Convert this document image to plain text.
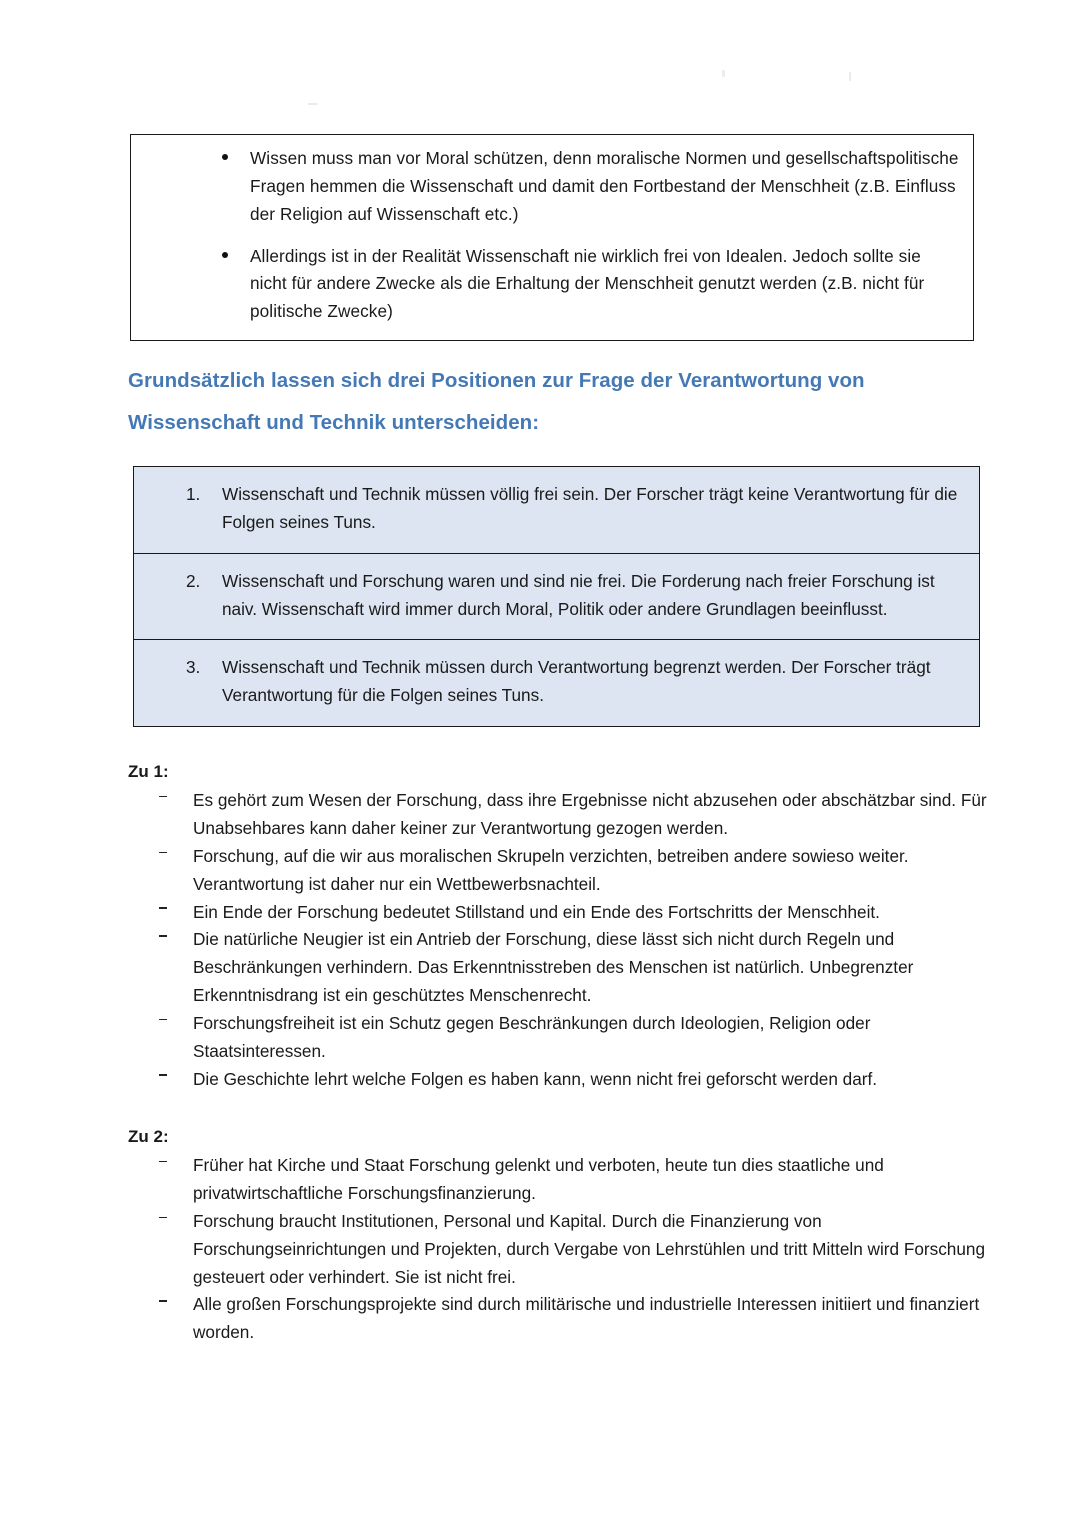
Wissen muss man vor Moral schützen, denn moralische Normen und gesellschaftspolitische Fragen hemmen die Wissenschaft und damit den Fortbestand der Menschheit (z.B. Einfluss der Religion auf Wissenschaft etc.)
Allerdings ist in der Realität Wissenschaft nie wirklich frei von Idealen. Jedoch sollte sie nicht für andere Zwecke als die Erhaltung der Menschheit genutzt werden (z.B. nicht für politische Zwecke)
Grundsätzlich lassen sich drei Positionen zur Frage der Verantwortung von
Wissenschaft und Technik unterscheiden:
1. Wissenschaft und Technik müssen völlig frei sein. Der Forscher trägt keine Verantwortung für die Folgen seines Tuns.
2. Wissenschaft und Forschung waren und sind nie frei. Die Forderung nach freier Forschung ist naiv. Wissenschaft wird immer durch Moral, Politik oder andere Grundlagen beeinflusst.
3. Wissenschaft und Technik müssen durch Verantwortung begrenzt werden. Der Forscher trägt Verantwortung für die Folgen seines Tuns.

Zu 1:

Es gehört zum Wesen der Forschung, dass ihre Ergebnisse nicht abzusehen oder abschätzbar sind. Für Unabsehbares kann daher keiner zur Verantwortung gezogen werden.
Forschung, auf die wir aus moralischen Skrupeln verzichten, betreiben andere sowieso weiter. Verantwortung ist daher nur ein Wettbewerbsnachteil.
Ein Ende der Forschung bedeutet Stillstand und ein Ende des Fortschritts der Menschheit.
Die natürliche Neugier ist ein Antrieb der Forschung, diese lässt sich nicht durch Regeln und Beschränkungen verhindern. Das Erkenntnisstreben des Menschen ist natürlich. Unbegrenzter Erkenntnisdrang ist ein geschütztes Menschenrecht.
Forschungsfreiheit ist ein Schutz gegen Beschränkungen durch Ideologien, Religion oder Staatsinteressen.
Die Geschichte lehrt welche Folgen es haben kann, wenn nicht frei geforscht werden darf.

Zu 2:

Früher hat Kirche und Staat Forschung gelenkt und verboten, heute tun dies staatliche und privatwirtschaftliche Forschungsfinanzierung.
Forschung braucht Institutionen, Personal und Kapital. Durch die Finanzierung von Forschungseinrichtungen und Projekten, durch Vergabe von Lehrstühlen und tritt Mitteln wird Forschung gesteuert oder verhindert. Sie ist nicht frei.
Alle großen Forschungsprojekte sind durch militärische und industrielle Interessen initiiert und finanziert worden.
